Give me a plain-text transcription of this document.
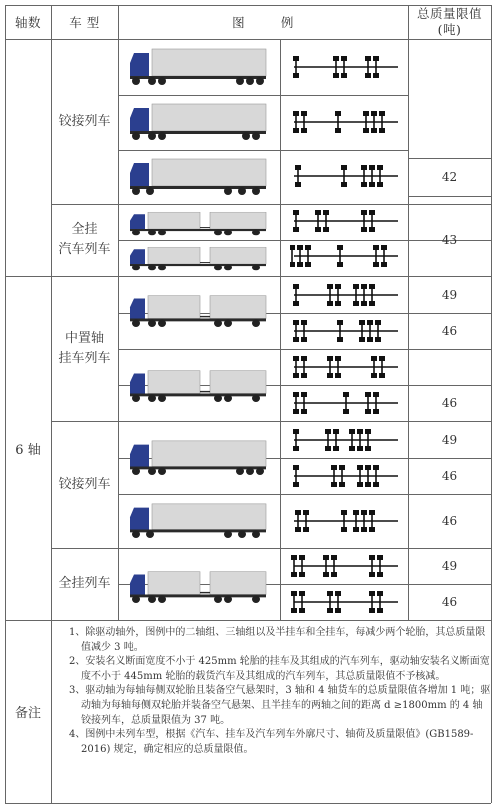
轴数	车 型	图        例
总质量限值
(吨)
6 轴
铰接列车
全挂
汽车列车
中置轴
挂车列车
铰接列车
全挂列车
42
43
49
46
46
49
46
46
49
46
备注

1、除驱动轴外，图例中的二轴组、三轴组以及半挂车和全挂车，每减少两个轮胎，其总质量限值减少 3 吨。

2、安装名义断面宽度不小于 425mm 轮胎的挂车及其组成的汽车列车，驱动轴安装名义断面宽度不小于 445mm 轮胎的载货汽车及其组成的汽车列车，其总质量限值不予核减。

3、驱动轴为每轴每侧双轮胎且装备空气悬架时，3 轴和 4 轴货车的总质量限值各增加 1 吨；驱动轴为每轴每侧双轮胎并装备空气悬架、且半挂车的两轴之间的距离 d ≥1800mm 的 4 轴铰接列车，总质量限值为 37 吨。

4、图例中未列车型，根据《汽车、挂车及汽车列车外廓尺寸、轴荷及质量限值》(GB1589-2016) 规定，确定相应的总质量限值。
